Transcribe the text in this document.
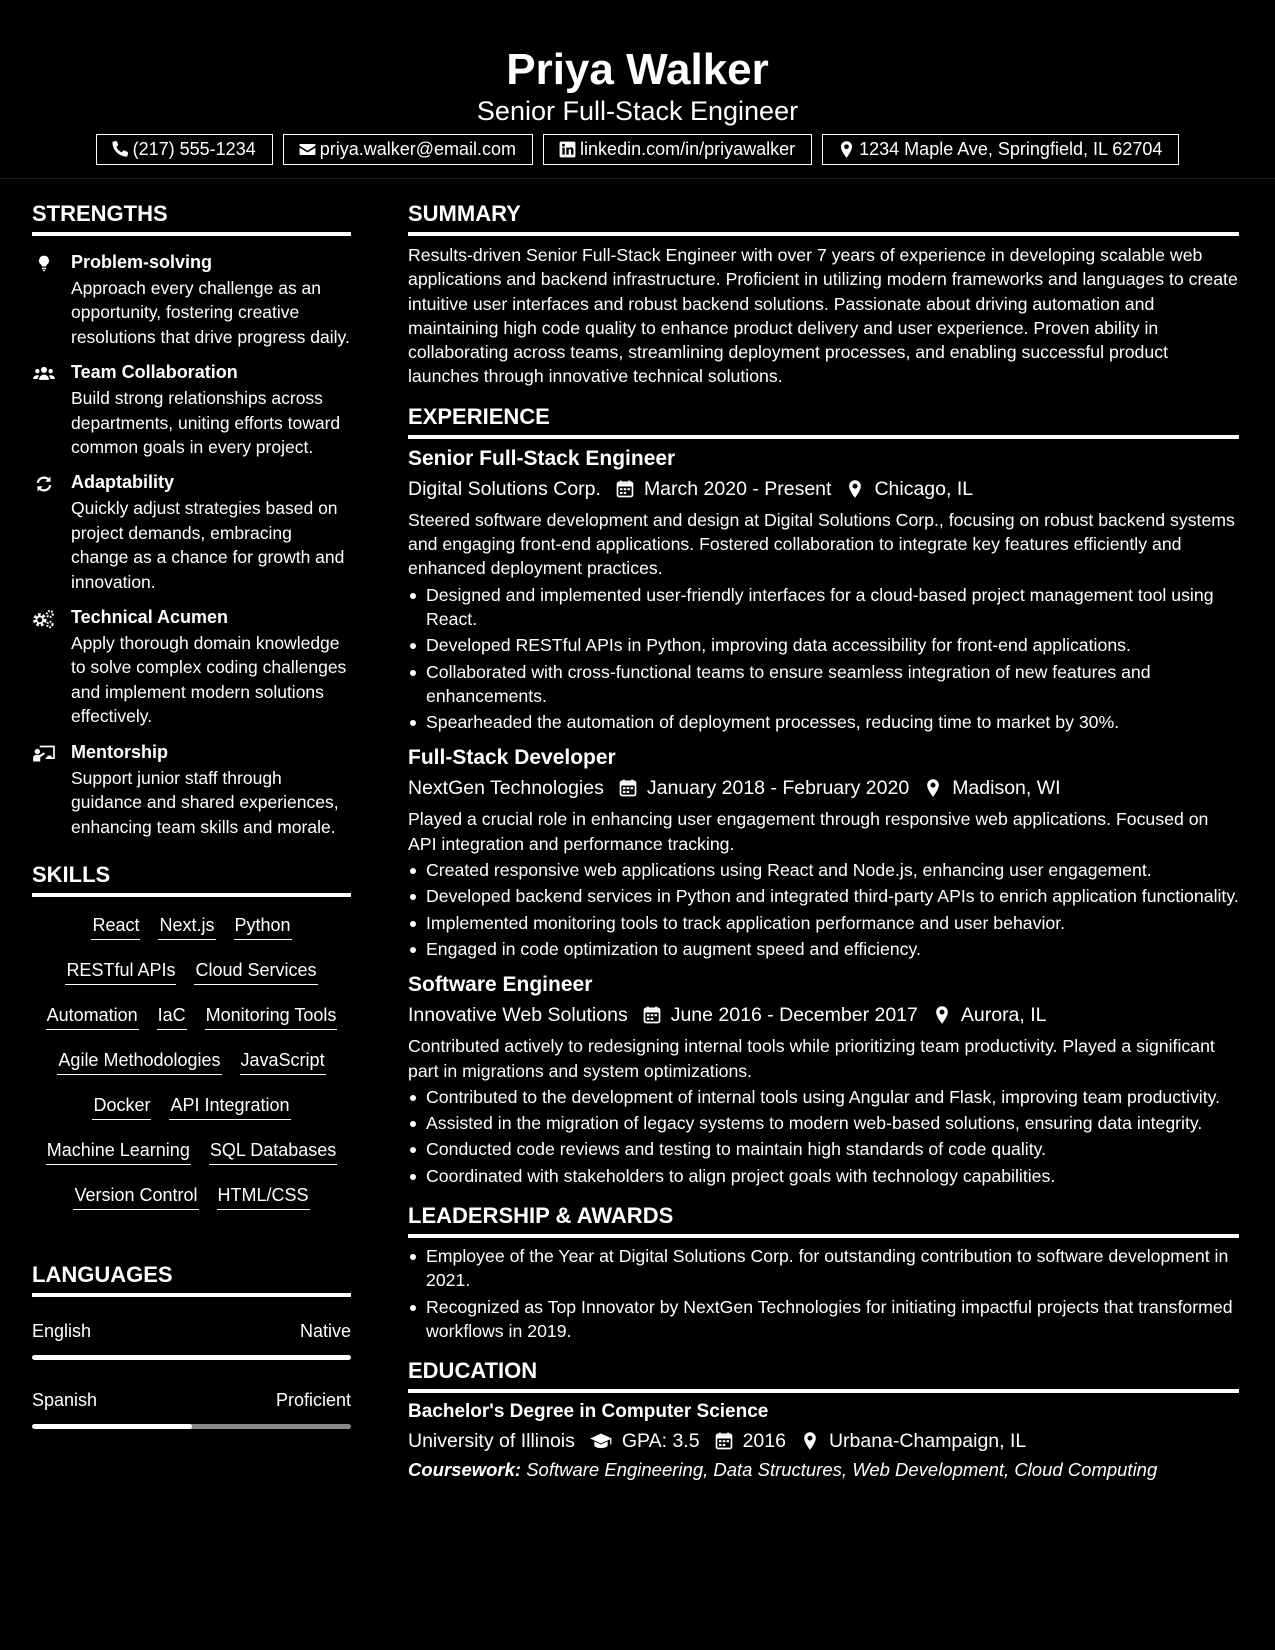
Priya Walker
Senior Full-Stack Engineer
(217) 555-1234	priya.walker@email.com	linkedin.com/in/priyawalker	1234 Maple Ave, Springfield, IL 62704
STRENGTHS
Problem-solving
Approach every challenge as an opportunity, fostering creative resolutions that drive progress daily.
Team Collaboration
Build strong relationships across departments, uniting efforts toward common goals in every project.
Adaptability
Quickly adjust strategies based on project demands, embracing change as a chance for growth and innovation.
Technical Acumen
Apply thorough domain knowledge to solve complex coding challenges and implement modern solutions effectively.
Mentorship
Support junior staff through guidance and shared experiences, enhancing team skills and morale.
SKILLS
React Next.js Python
RESTful APIs Cloud Services
Automation IaC Monitoring Tools
Agile Methodologies JavaScript
Docker API Integration
Machine Learning SQL Databases
Version Control HTML/CSS
LANGUAGES
English	Native
Spanish	Proficient
SUMMARY
Results-driven Senior Full-Stack Engineer with over 7 years of experience in developing scalable web applications and backend infrastructure. Proficient in utilizing modern frameworks and languages to create intuitive user interfaces and robust backend solutions. Passionate about driving automation and maintaining high code quality to enhance product delivery and user experience. Proven ability in collaborating across teams, streamlining deployment processes, and enabling successful product launches through innovative technical solutions.
EXPERIENCE
Senior Full-Stack Engineer
Digital Solutions Corp. March 2020 - Present Chicago, IL
Steered software development and design at Digital Solutions Corp., focusing on robust backend systems and engaging front-end applications. Fostered collaboration to integrate key features efficiently and enhanced deployment practices.
Designed and implemented user-friendly interfaces for a cloud-based project management tool using React.
Developed RESTful APIs in Python, improving data accessibility for front-end applications.
Collaborated with cross-functional teams to ensure seamless integration of new features and enhancements.
Spearheaded the automation of deployment processes, reducing time to market by 30%.
Full-Stack Developer
NextGen Technologies January 2018 - February 2020 Madison, WI
Played a crucial role in enhancing user engagement through responsive web applications. Focused on API integration and performance tracking.
Created responsive web applications using React and Node.js, enhancing user engagement.
Developed backend services in Python and integrated third-party APIs to enrich application functionality.
Implemented monitoring tools to track application performance and user behavior.
Engaged in code optimization to augment speed and efficiency.
Software Engineer
Innovative Web Solutions June 2016 - December 2017 Aurora, IL
Contributed actively to redesigning internal tools while prioritizing team productivity. Played a significant part in migrations and system optimizations.
Contributed to the development of internal tools using Angular and Flask, improving team productivity.
Assisted in the migration of legacy systems to modern web-based solutions, ensuring data integrity.
Conducted code reviews and testing to maintain high standards of code quality.
Coordinated with stakeholders to align project goals with technology capabilities.
LEADERSHIP & AWARDS
Employee of the Year at Digital Solutions Corp. for outstanding contribution to software development in 2021.
Recognized as Top Innovator by NextGen Technologies for initiating impactful projects that transformed workflows in 2019.
EDUCATION
Bachelor's Degree in Computer Science
University of Illinois GPA: 3.5 2016 Urbana-Champaign, IL
Coursework: Software Engineering, Data Structures, Web Development, Cloud Computing
